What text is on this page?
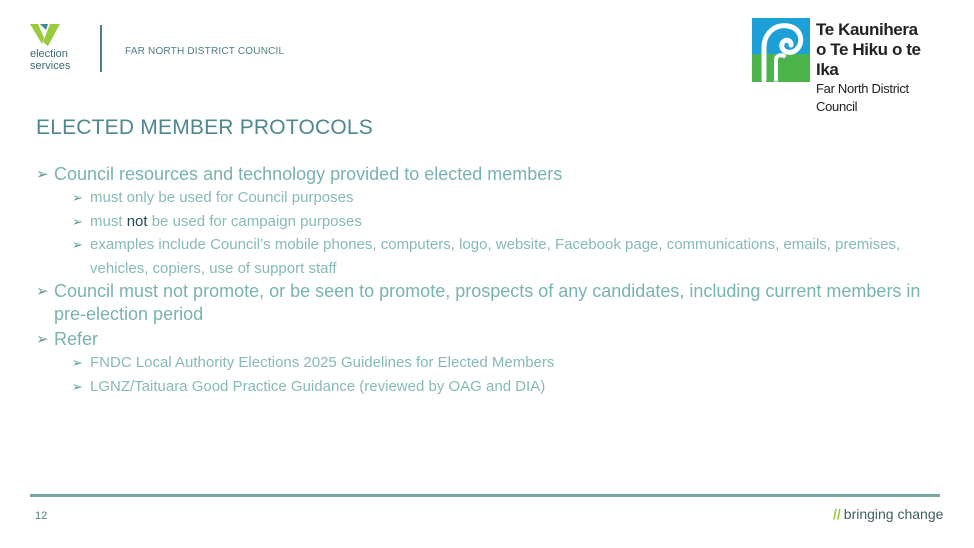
election
services
FAR NORTH DISTRICT COUNCIL
Te Kaunihera
o Te Hiku o te Ika
Far North District Council
ELECTED MEMBER PROTOCOLS
➢ Council resources and technology provided to elected members
➢ must only be used for Council purposes
➢ must not be used for campaign purposes
➢ examples include Council’s mobile phones, computers, logo, website, Facebook page, communications, emails, premises, vehicles, copiers, use of support staff
➢ Council must not promote, or be seen to promote, prospects of any candidates, including current members in pre-election period
➢ Refer
➢ FNDC Local Authority Elections 2025 Guidelines for Elected Members
➢ LGNZ/Taituara Good Practice Guidance (reviewed by OAG and DIA)
12	// bringing change
